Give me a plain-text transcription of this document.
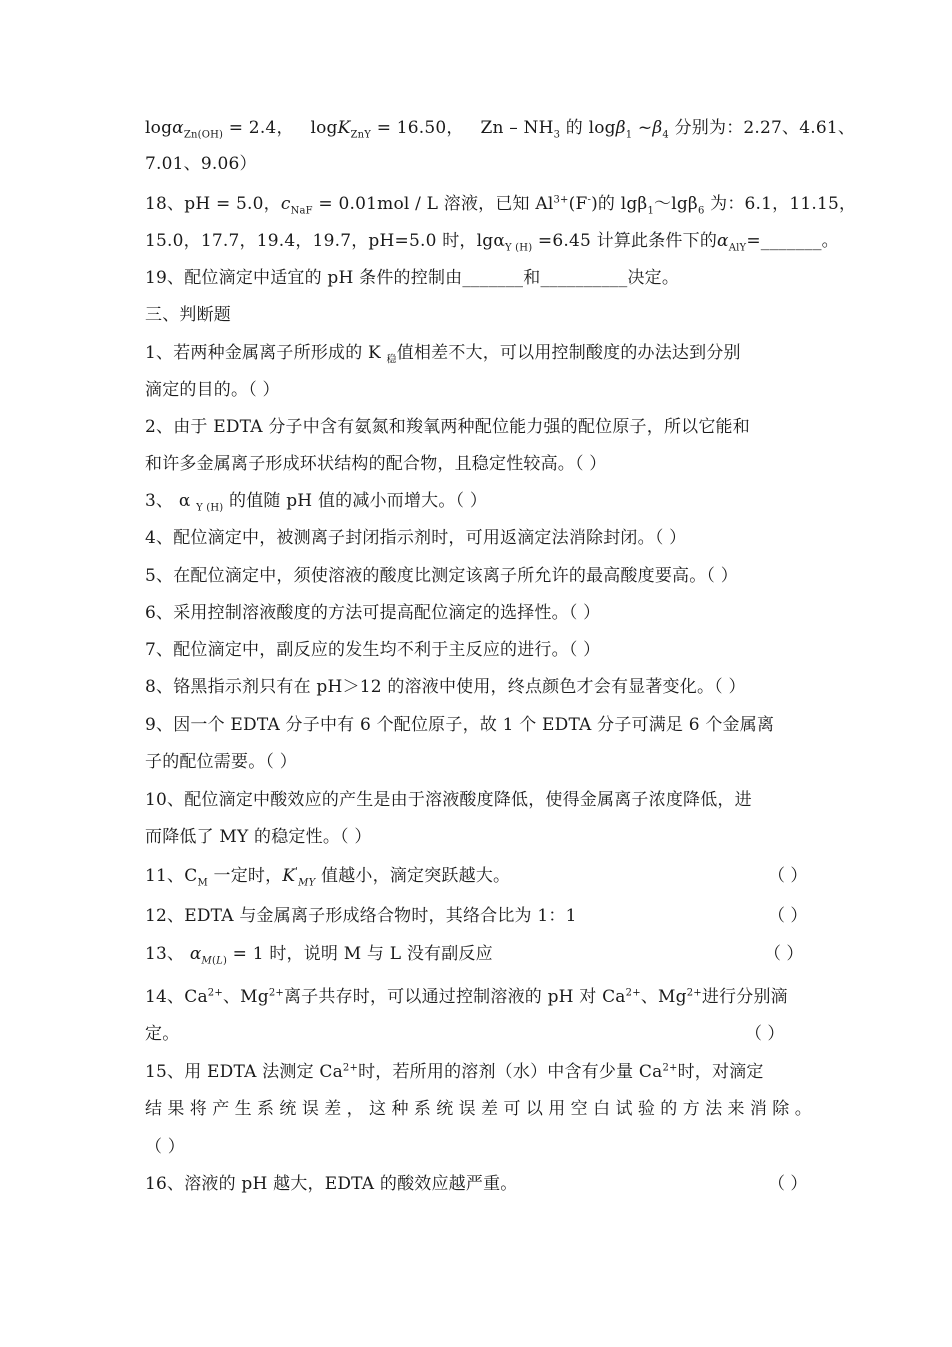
logα$_{Zn(OH)}$ = 2.4，   logK$_{ZnY}$ = 16.50，   Zn – $NH_3$ 的 logβ$_1$ $\sim\beta_4$ 分别为：2.27、4.61、
7.01、9.06）
18、pH = 5.0，$c_{NaF} = 0.01mol / L$ 溶液，已知 $Al^{3+}(F^-)$的 lgβ$_1$～lgβ$_6$ 为：6.1，11.15，
15.0，17.7，19.4，19.7，pH=5.0 时，lgα$_{Y (H)}$ =6.45 计算此条件下的$\alpha_{AlY}=\_\_\_\_\_\_\_$。
19、配位滴定中适宜的 pH 条件的控制由_______和__________决定。
三、判断题
1、若两种金属离子所形成的 K $_稳$值相差不大，可以用控制酸度的办法达到分别
滴定的目的。（ ）
2、由于 EDTA 分子中含有氨氮和羧氧两种配位能力强的配位原子，所以它能和
和许多金属离子形成环状结构的配合物，且稳定性较高。（ ）
3、 α $_{Y (H)}$ 的值随 pH 值的减小而增大。（ ）
4、配位滴定中，被测离子封闭指示剂时，可用返滴定法消除封闭。（ ）
5、在配位滴定中，须使溶液的酸度比测定该离子所允许的最高酸度要高。（ ）
6、采用控制溶液酸度的方法可提高配位滴定的选择性。（ ）
7、配位滴定中，副反应的发生均不利于主反应的进行。（ ）
8、铬黑指示剂只有在 pH＞12 的溶液中使用，终点颜色才会有显著变化。（ ）
9、因一个 EDTA 分子中有 6 个配位原子，故 1 个 EDTA 分子可满足 6 个金属离
子的配位需要。（ ）
10、配位滴定中酸效应的产生是由于溶液酸度降低，使得金属离子浓度降低，进
而降低了 MY 的稳定性。（ ）
11、$C_M$ 一定时，$K'_{MY}$ 值越小，滴定突跃越大。	（ ）
12、EDTA 与金属离子形成络合物时，其络合比为 1：1	（ ）
13、 $\alpha_{M(L)} = 1$ 时，说明 M 与 L 没有副反应	（ ）
14、$Ca^{2+}$、$Mg^{2+}$离子共存时，可以通过控制溶液的 pH 对 $Ca^{2+}$、$Mg^{2+}$进行分别滴
定。	（ ）
15、用 EDTA 法测定 $Ca^{2+}$时，若所用的溶剂（水）中含有少量 $Ca^{2+}$时，对滴定
结 果 将 产 生 系 统 误 差 ， 这 种 系 统 误 差 可 以 用 空 白 试 验 的 方 法 来 消 除 。
（ ）
16、溶液的 pH 越大，EDTA 的酸效应越严重。	（ ）
